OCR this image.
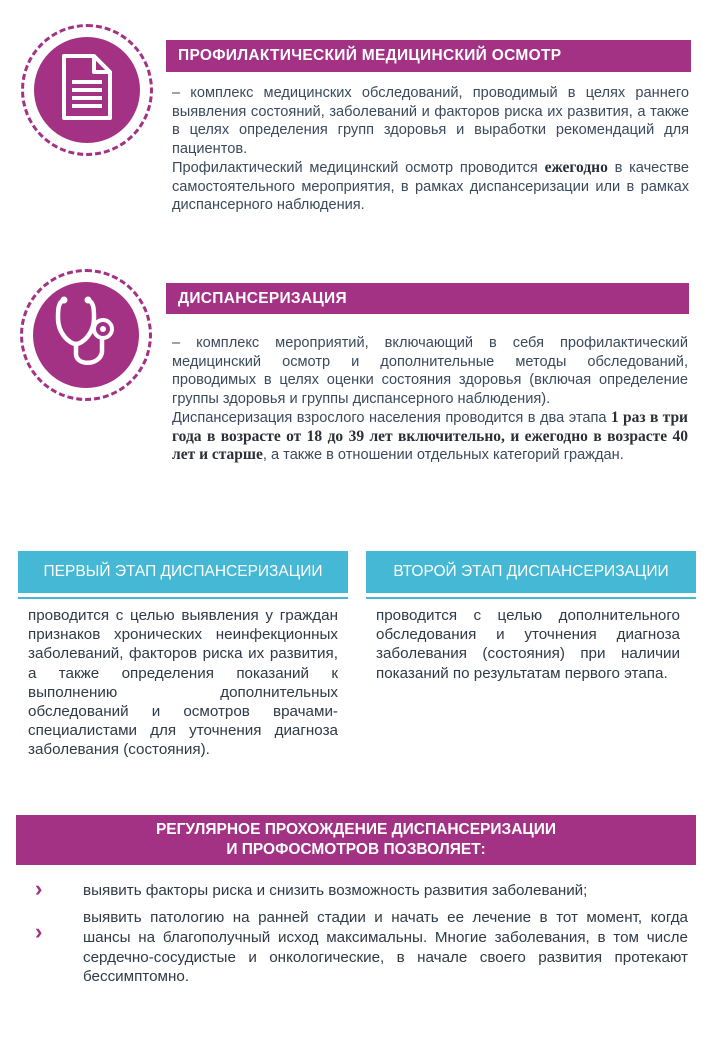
ПРОФИЛАКТИЧЕСКИЙ МЕДИЦИНСКИЙ ОСМОТР

– комплекс медицинских обследований, проводимый в целях раннего выявления состояний, заболеваний и факторов риска их развития, а также в целях определения групп здоровья и выработки рекомендаций для пациентов.

Профилактический медицинский осмотр проводится ежегодно в качестве самостоятельного мероприятия, в рамках диспансеризации или в рамках диспансерного наблюдения.

ДИСПАНСЕРИЗАЦИЯ

– комплекс мероприятий, включающий в себя профилактический медицинский осмотр и дополнительные методы обследований, проводимых в целях оценки состояния здоровья (включая определение группы здоровья и группы диспансерного наблюдения).

Диспансеризация взрослого населения проводится в два этапа 1 раз в три года в возрасте от 18 до 39 лет включительно, и ежегодно в возрасте 40 лет и старше, а также в отношении отдельных категорий граждан.

ПЕРВЫЙ ЭТАП ДИСПАНСЕРИЗАЦИИ
проводится с целью выявления у граждан признаков хронических неинфекционных заболеваний, факторов риска их развития, а также определения показаний к выполнению дополнительных обследований и осмотров врачами-специалистами для уточнения диагноза заболевания (состояния).
ВТОРОЙ ЭТАП ДИСПАНСЕРИЗАЦИИ
проводится с целью дополнительного обследования и уточнения диагноза заболевания (состояния) при наличии показаний по результатам первого этапа.
РЕГУЛЯРНОЕ ПРОХОЖДЕНИЕ ДИСПАНСЕРИЗАЦИИ
И ПРОФОСМОТРОВ ПОЗВОЛЯЕТ:
›	выявить факторы риска и снизить возможность развития заболеваний;
›
выявить патологию на ранней стадии и начать ее лечение в тот момент, когда шансы на благополучный исход максимальны. Многие заболевания, в том числе сердечно-сосудистые и онкологические, в начале своего развития протекают бессимптомно.
